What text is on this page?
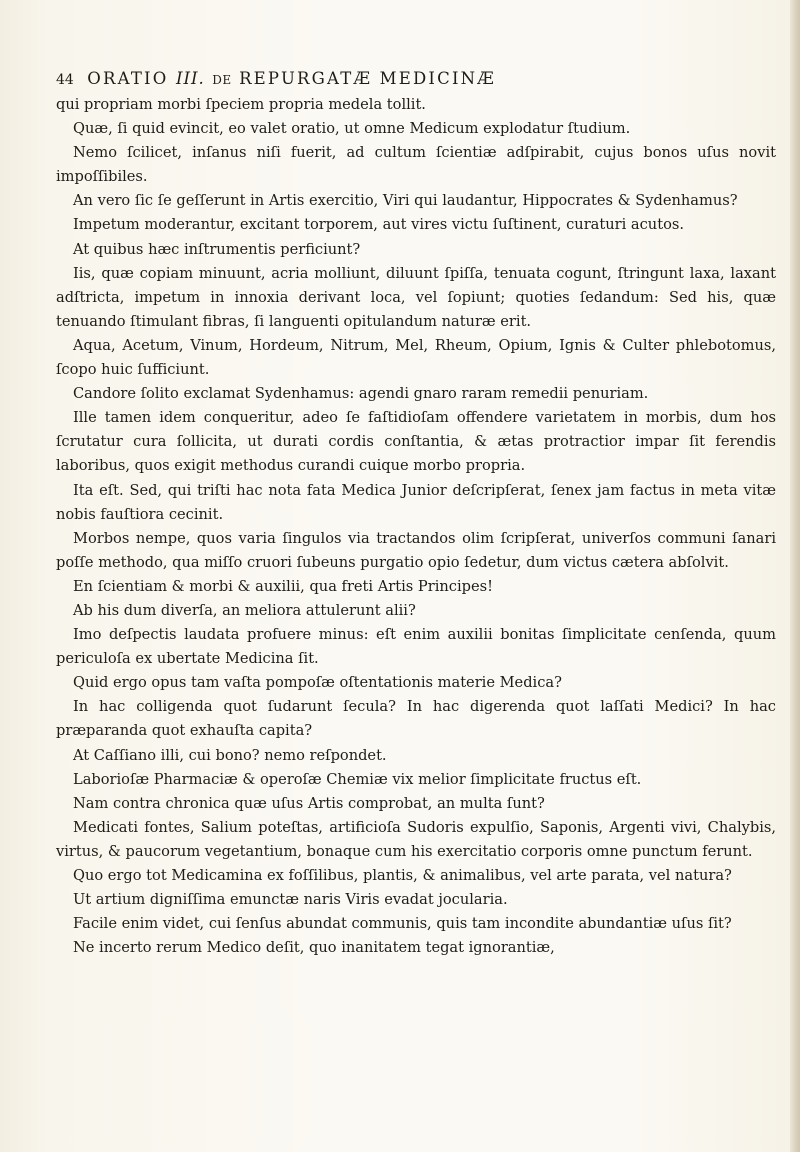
44 ORATIO III. DE REPURGATÆ MEDICINÆ

qui propriam morbi ſpeciem propria medela tollit.

Quæ, ſi quid evincit, eo valet oratio, ut omne Medicum explodatur ſtudium.

Nemo ſcilicet, inſanus niſi fuerit, ad cultum ſcientiæ adſpirabit, cujus bonos uſus novit impoſſibiles.

An vero ſic ſe geſſerunt in Artis exercitio, Viri qui laudantur, Hippocrates & Sydenhamus?

Impetum moderantur, excitant torporem, aut vires victu ſuſtinent, curaturi acutos.

At quibus hæc inſtrumentis perficiunt?

Iis, quæ copiam minuunt, acria molliunt, diluunt ſpiſſa, tenuata cogunt, ſtringunt laxa, laxant adſtricta, impetum in innoxia derivant loca, vel ſopiunt; quoties ſedandum: Sed his, quæ tenuando ſtimulant fibras, ſi languenti opitulandum naturæ erit.

Aqua, Acetum, Vinum, Hordeum, Nitrum, Mel, Rheum, Opium, Ignis & Culter phlebotomus, ſcopo huic ſufficiunt.

Candore ſolito exclamat Sydenhamus: agendi gnaro raram remedii penuriam.

Ille tamen idem conqueritur, adeo ſe faſtidioſam offendere varietatem in morbis, dum hos ſcrutatur cura ſollicita, ut durati cordis conſtantia, & ætas protractior impar ſit ferendis laboribus, quos exigit methodus curandi cuique morbo propria.

Ita eſt. Sed, qui triſti hac nota fata Medica Junior deſcripſerat, ſenex jam factus in meta vitæ nobis fauſtiora cecinit.

Morbos nempe, quos varia ſingulos via tractandos olim ſcripſerat, univerſos communi ſanari poſſe methodo, qua miſſo cruori ſubeuns purgatio opio ſedetur, dum victus cætera abſolvit.

En ſcientiam & morbi & auxilii, qua freti Artis Principes!

Ab his dum diverſa, an meliora attulerunt alii?

Imo deſpectis laudata profuere minus: eſt enim auxilii bonitas ſimplicitate cenſenda, quum periculoſa ex ubertate Medicina ſit.

Quid ergo opus tam vaſta pompoſæ oſtentationis materie Medica?

In hac colligenda quot ſudarunt ſecula? In hac digerenda quot laſſati Medici? In hac præparanda quot exhauſta capita?

At Caſſiano illi, cui bono? nemo reſpondet.

Laborioſæ Pharmaciæ & operoſæ Chemiæ vix melior ſimplicitate fructus eſt.

Nam contra chronica quæ uſus Artis comprobat, an multa ſunt?

Medicati fontes, Salium poteſtas, artificioſa Sudoris expulſio, Saponis, Argenti vivi, Chalybis, virtus, & paucorum vegetantium, bonaque cum his exercitatio corporis omne punctum ferunt.

Quo ergo tot Medicamina ex foſſilibus, plantis, & animalibus, vel arte parata, vel natura?

Ut artium digniſſima emunctæ naris Viris evadat jocularia.

Facile enim videt, cui ſenſus abundat communis, quis tam incondite abundantiæ uſus ſit?

Ne incerto rerum Medico deſit, quo inanitatem tegat ignorantiæ,
